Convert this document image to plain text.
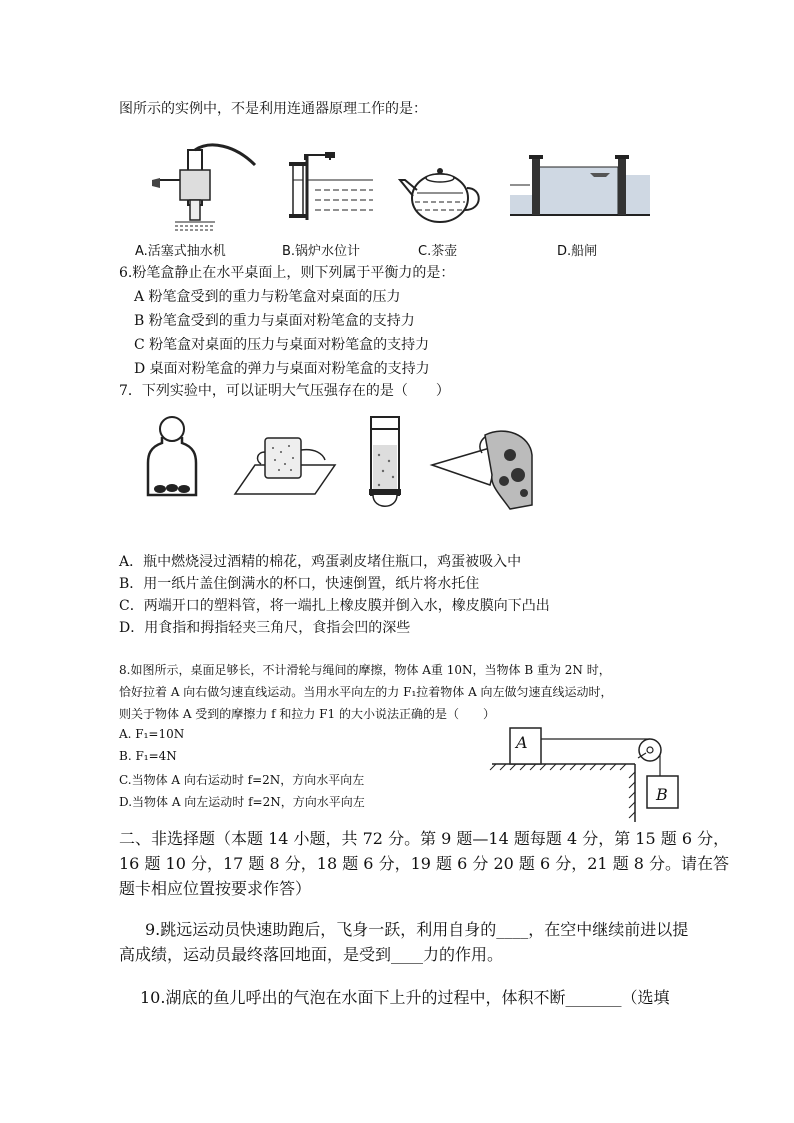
图所示的实例中，不是利用连通器原理工作的是：
A.活塞式抽水机	B.锅炉水位计	C.茶壶	D.船闸
6.粉笔盒静止在水平桌面上，则下列属于平衡力的是：
A 粉笔盒受到的重力与粉笔盒对桌面的压力
B 粉笔盒受到的重力与桌面对粉笔盒的支持力
C 粉笔盒对桌面的压力与桌面对粉笔盒的支持力
D 桌面对粉笔盒的弹力与桌面对粉笔盒的支持力
7．下列实验中，可以证明大气压强存在的是（　　）
A．瓶中燃烧浸过酒精的棉花，鸡蛋剥皮堵住瓶口，鸡蛋被吸入中
B．用一纸片盖住倒满水的杯口，快速倒置，纸片将水托住
C．两端开口的塑料管，将一端扎上橡皮膜并倒入水，橡皮膜向下凸出
D．用食指和拇指轻夹三角尺，食指会凹的深些
8.如图所示，桌面足够长，不计滑轮与绳间的摩擦，物体 A重 10N，当物体 B 重为 2N 时，
恰好拉着 A 向右做匀速直线运动。当用水平向左的力 F₁拉着物体 A 向左做匀速直线运动时，
则关于物体 A 受到的摩擦力 f 和拉力 F1 的大小说法正确的是（　　）
A. F₁=10N
B. F₁=4N
C.当物体 A 向右运动时 f=2N，方向水平向左
D.当物体 A 向左运动时 f=2N，方向水平向左
A
B
二、非选择题（本题 14 小题，共 72 分。第 9 题—14 题每题 4 分，第 15 题 6 分，
16 题 10 分，17 题 8 分，18 题 6 分，19 题 6 分 20 题 6 分，21 题 8 分。请在答
题卡相应位置按要求作答）
9.跳远运动员快速助跑后，飞身一跃，利用自身的____，在空中继续前进以提
高成绩，运动员最终落回地面，是受到____力的作用。
10.湖底的鱼儿呼出的气泡在水面下上升的过程中，体积不断_______（选填
